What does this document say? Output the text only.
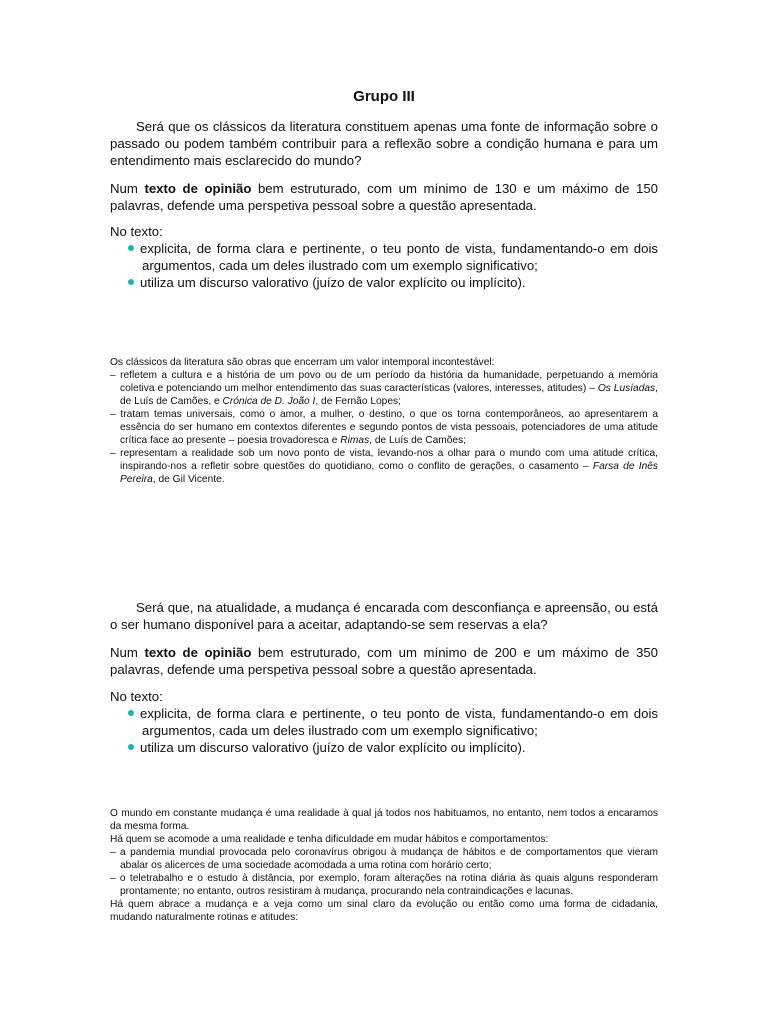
Grupo III

Será que os clássicos da literatura constituem apenas uma fonte de informação sobre o passado ou podem também contribuir para a reflexão sobre a condição humana e para um entendimento mais esclarecido do mundo?

Num texto de opinião bem estruturado, com um mínimo de 130 e um máximo de 150 palavras, defende uma perspetiva pessoal sobre a questão apresentada.

No texto:

explicita, de forma clara e pertinente, o teu ponto de vista, fundamentando-o em dois argumentos, cada um deles ilustrado com um exemplo significativo;
utiliza um discurso valorativo (juízo de valor explícito ou implícito).

Os clássicos da literatura são obras que encerram um valor intemporal incontestável:

– refletem a cultura e a história de um povo ou de um período da história da humanidade, perpetuando a memória coletiva e potenciando um melhor entendimento das suas características (valores, interesses, atitudes) – Os Lusíadas, de Luís de Camões, e Crónica de D. João I, de Fernão Lopes;

– tratam temas universais, como o amor, a mulher, o destino, o que os torna contemporâneos, ao apresentarem a essência do ser humano em contextos diferentes e segundo pontos de vista pessoais, potenciadores de uma atitude crítica face ao presente – poesia trovadoresca e Rimas, de Luís de Camões;

– representam a realidade sob um novo ponto de vista, levando-nos a olhar para o mundo com uma atitude crítica, inspirando-nos a refletir sobre questões do quotidiano, como o conflito de gerações, o casamento – Farsa de Inês Pereira, de Gil Vicente.

Será que, na atualidade, a mudança é encarada com desconfiança e apreensão, ou está o ser humano disponível para a aceitar, adaptando-se sem reservas a ela?

Num texto de opinião bem estruturado, com um mínimo de 200 e um máximo de 350 palavras, defende uma perspetiva pessoal sobre a questão apresentada.

No texto:

explicita, de forma clara e pertinente, o teu ponto de vista, fundamentando-o em dois argumentos, cada um deles ilustrado com um exemplo significativo;
utiliza um discurso valorativo (juízo de valor explícito ou implícito).

O mundo em constante mudança é uma realidade à qual já todos nos habituamos, no entanto, nem todos a encaramos da mesma forma.

Há quem se acomode a uma realidade e tenha dificuldade em mudar hábitos e comportamentos:

– a pandemia mundial provocada pelo coronavírus obrigou à mudança de hábitos e de comportamentos que vieram abalar os alicerces de uma sociedade acomodada a uma rotina com horário certo;

– o teletrabalho e o estudo à distância, por exemplo, foram alterações na rotina diária às quais alguns responderam prontamente; no entanto, outros resistiram à mudança, procurando nela contraindicações e lacunas.

Há quem abrace a mudança e a veja como um sinal claro da evolução ou então como uma forma de cidadania, mudando naturalmente rotinas e atitudes:
